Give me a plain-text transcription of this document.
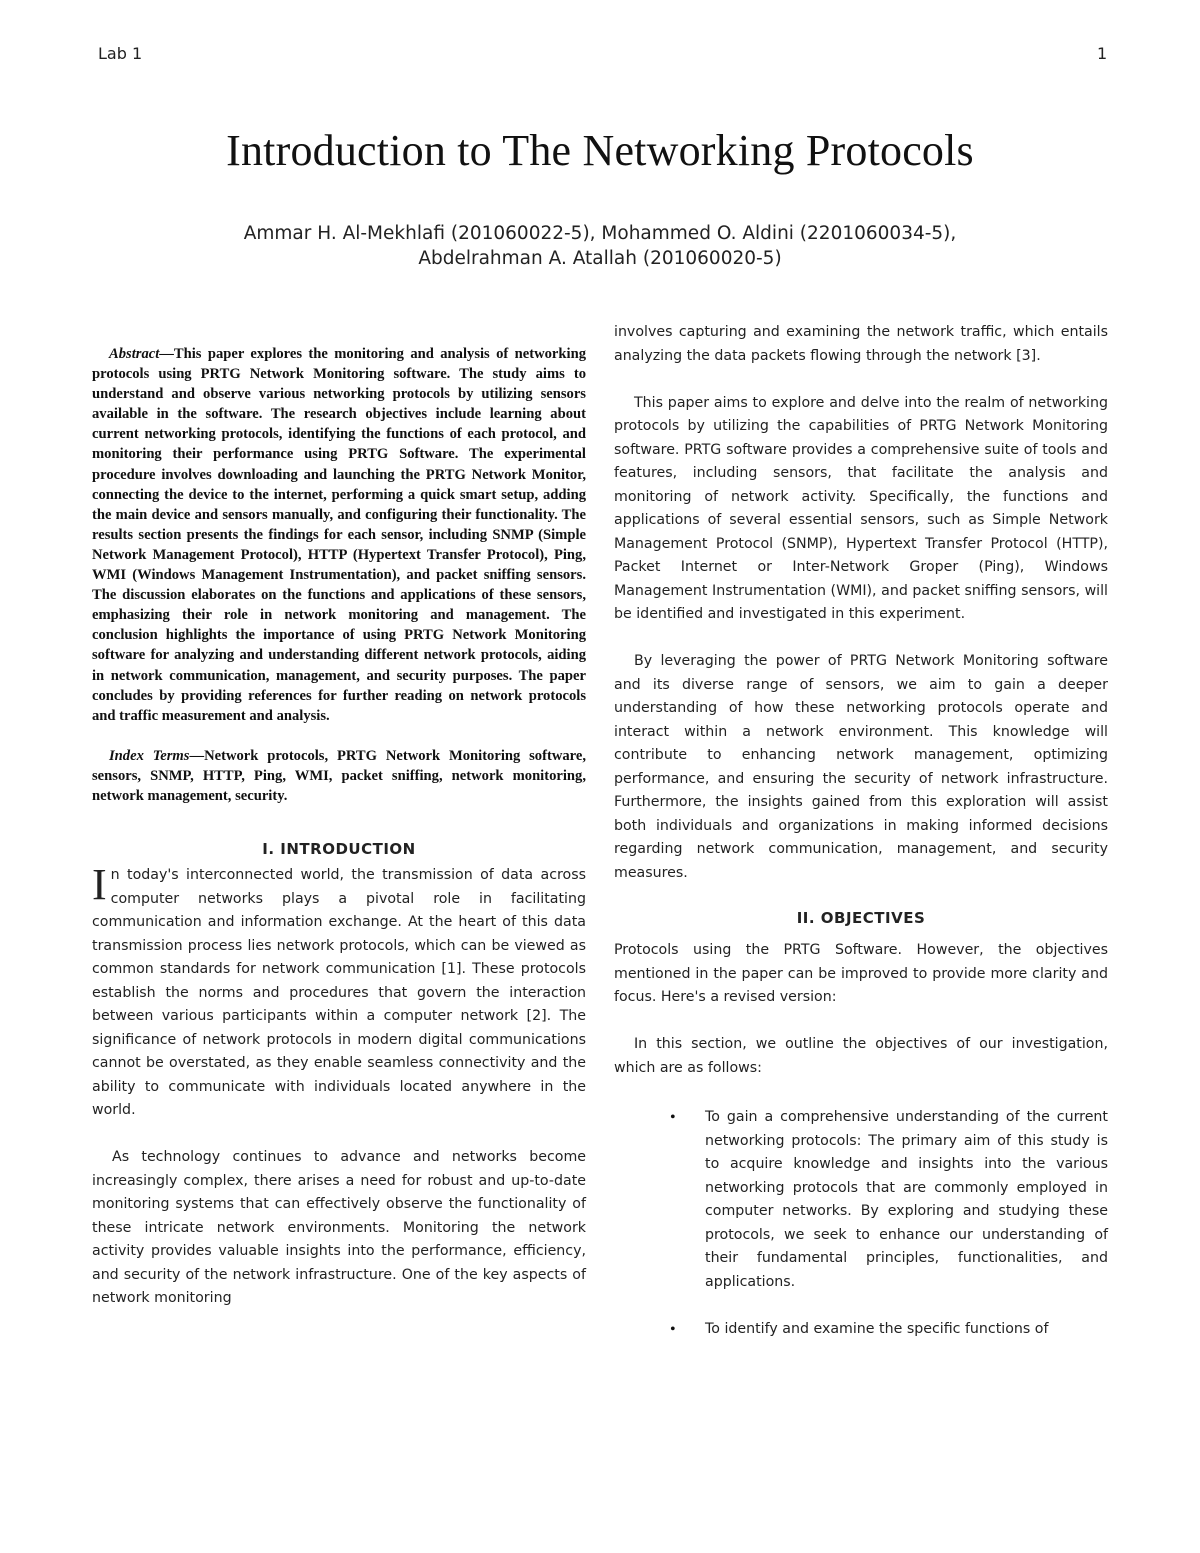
Lab 1	1
Introduction to The Networking Protocols
Ammar H. Al-Mekhlafi (201060022-5), Mohammed O. Aldini (2201060034-5),
Abdelrahman A. Atallah (201060020-5)

Abstract—This paper explores the monitoring and analysis of networking protocols using PRTG Network Monitoring software. The study aims to understand and observe various networking protocols by utilizing sensors available in the software. The research objectives include learning about current networking protocols, identifying the functions of each protocol, and monitoring their performance using PRTG Software. The experimental procedure involves downloading and launching the PRTG Network Monitor, connecting the device to the internet, performing a quick smart setup, adding the main device and sensors manually, and configuring their functionality. The results section presents the findings for each sensor, including SNMP (Simple Network Management Protocol), HTTP (Hypertext Transfer Protocol), Ping, WMI (Windows Management Instrumentation), and packet sniffing sensors. The discussion elaborates on the functions and applications of these sensors, emphasizing their role in network monitoring and management. The conclusion highlights the importance of using PRTG Network Monitoring software for analyzing and understanding different network protocols, aiding in network communication, management, and security purposes. The paper concludes by providing references for further reading on network protocols and traffic measurement and analysis.

Index Terms—Network protocols, PRTG Network Monitoring software, sensors, SNMP, HTTP, Ping, WMI, packet sniffing, network monitoring, network management, security.

I. INTRODUCTION

In today's interconnected world, the transmission of data across computer networks plays a pivotal role in facilitating communication and information exchange. At the heart of this data transmission process lies network protocols, which can be viewed as common standards for network communication [1]. These protocols establish the norms and procedures that govern the interaction between various participants within a computer network [2]. The significance of network protocols in modern digital communications cannot be overstated, as they enable seamless connectivity and the ability to communicate with individuals located anywhere in the world.

As technology continues to advance and networks become increasingly complex, there arises a need for robust and up-to-date monitoring systems that can effectively observe the functionality of these intricate network environments. Monitoring the network activity provides valuable insights into the performance, efficiency, and security of the network infrastructure. One of the key aspects of network monitoring

involves capturing and examining the network traffic, which entails analyzing the data packets flowing through the network [3].

This paper aims to explore and delve into the realm of networking protocols by utilizing the capabilities of PRTG Network Monitoring software. PRTG software provides a comprehensive suite of tools and features, including sensors, that facilitate the analysis and monitoring of network activity. Specifically, the functions and applications of several essential sensors, such as Simple Network Management Protocol (SNMP), Hypertext Transfer Protocol (HTTP), Packet Internet or Inter-Network Groper (Ping), Windows Management Instrumentation (WMI), and packet sniffing sensors, will be identified and investigated in this experiment.

By leveraging the power of PRTG Network Monitoring software and its diverse range of sensors, we aim to gain a deeper understanding of how these networking protocols operate and interact within a network environment. This knowledge will contribute to enhancing network management, optimizing performance, and ensuring the security of network infrastructure. Furthermore, the insights gained from this exploration will assist both individuals and organizations in making informed decisions regarding network communication, management, and security measures.

II. OBJECTIVES

Protocols using the PRTG Software. However, the objectives mentioned in the paper can be improved to provide more clarity and focus. Here's a revised version:

In this section, we outline the objectives of our investigation, which are as follows:

• To gain a comprehensive understanding of the current networking protocols: The primary aim of this study is to acquire knowledge and insights into the various networking protocols that are commonly employed in computer networks. By exploring and studying these protocols, we seek to enhance our understanding of their fundamental principles, functionalities, and applications.
• To identify and examine the specific functions of
